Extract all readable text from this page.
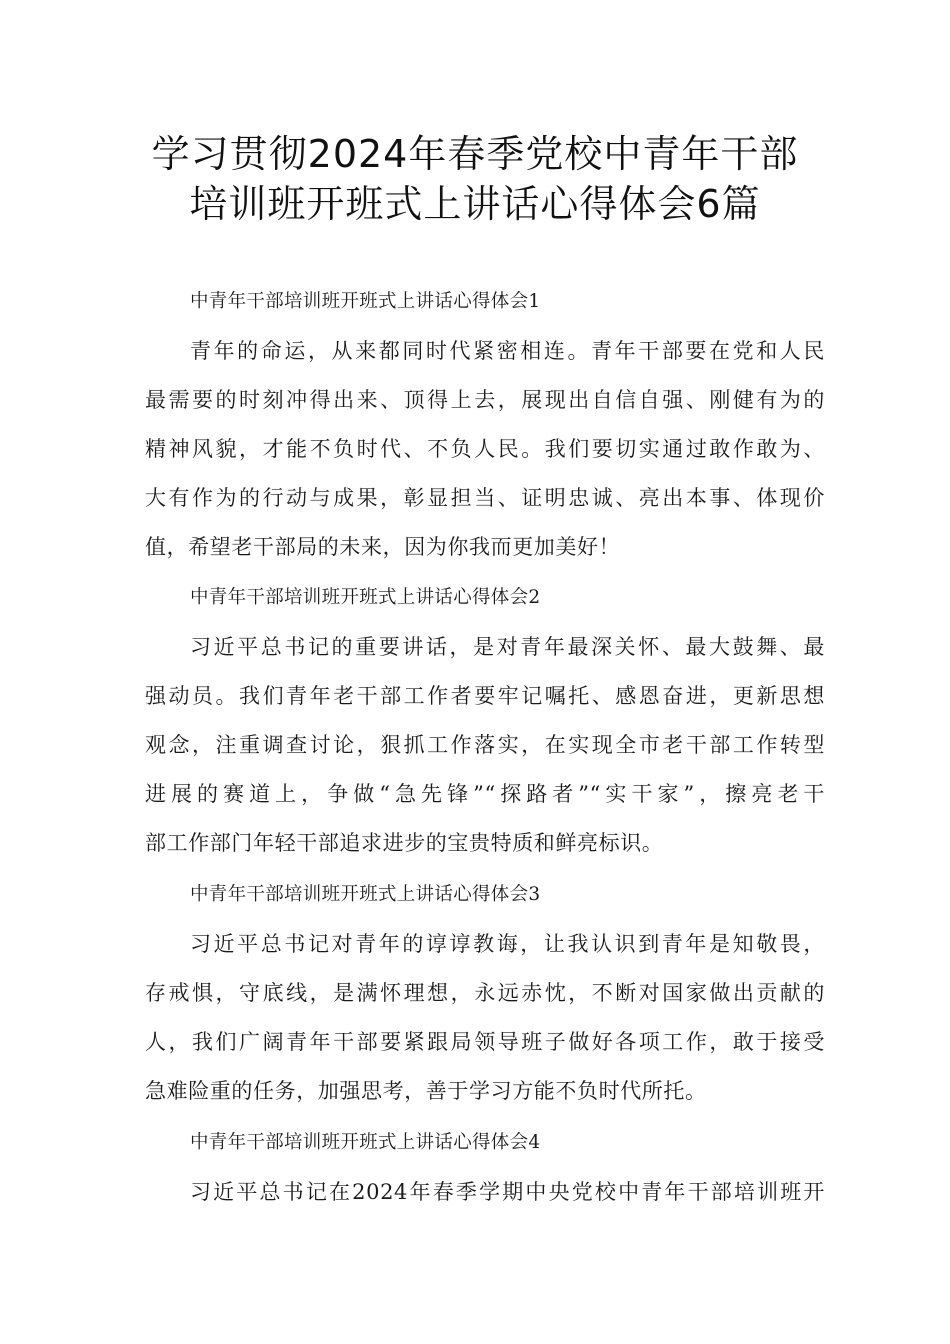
学习贯彻2024年春季党校中青年干部
培训班开班式上讲话心得体会6篇
中青年干部培训班开班式上讲话心得体会1
青年的命运，从来都同时代紧密相连。青年干部要在党和人民
最需要的时刻冲得出来、顶得上去，展现出自信自强、刚健有为的
精神风貌，才能不负时代、不负人民。我们要切实通过敢作敢为、
大有作为的行动与成果，彰显担当、证明忠诚、亮出本事、体现价
值，希望老干部局的未来，因为你我而更加美好！
中青年干部培训班开班式上讲话心得体会2
习近平总书记的重要讲话，是对青年最深关怀、最大鼓舞、最
强动员。我们青年老干部工作者要牢记嘱托、感恩奋进，更新思想
观念，注重调查讨论，狠抓工作落实，在实现全市老干部工作转型
进展的赛道上，争做“急先锋”“探路者”“实干家”，擦亮老干
部工作部门年轻干部追求进步的宝贵特质和鲜亮标识。
中青年干部培训班开班式上讲话心得体会3
习近平总书记对青年的谆谆教诲，让我认识到青年是知敬畏，
存戒惧，守底线，是满怀理想，永远赤忱，不断对国家做出贡献的
人，我们广阔青年干部要紧跟局领导班子做好各项工作，敢于接受
急难险重的任务，加强思考，善于学习方能不负时代所托。
中青年干部培训班开班式上讲话心得体会4
习近平总书记在2024年春季学期中央党校中青年干部培训班开
